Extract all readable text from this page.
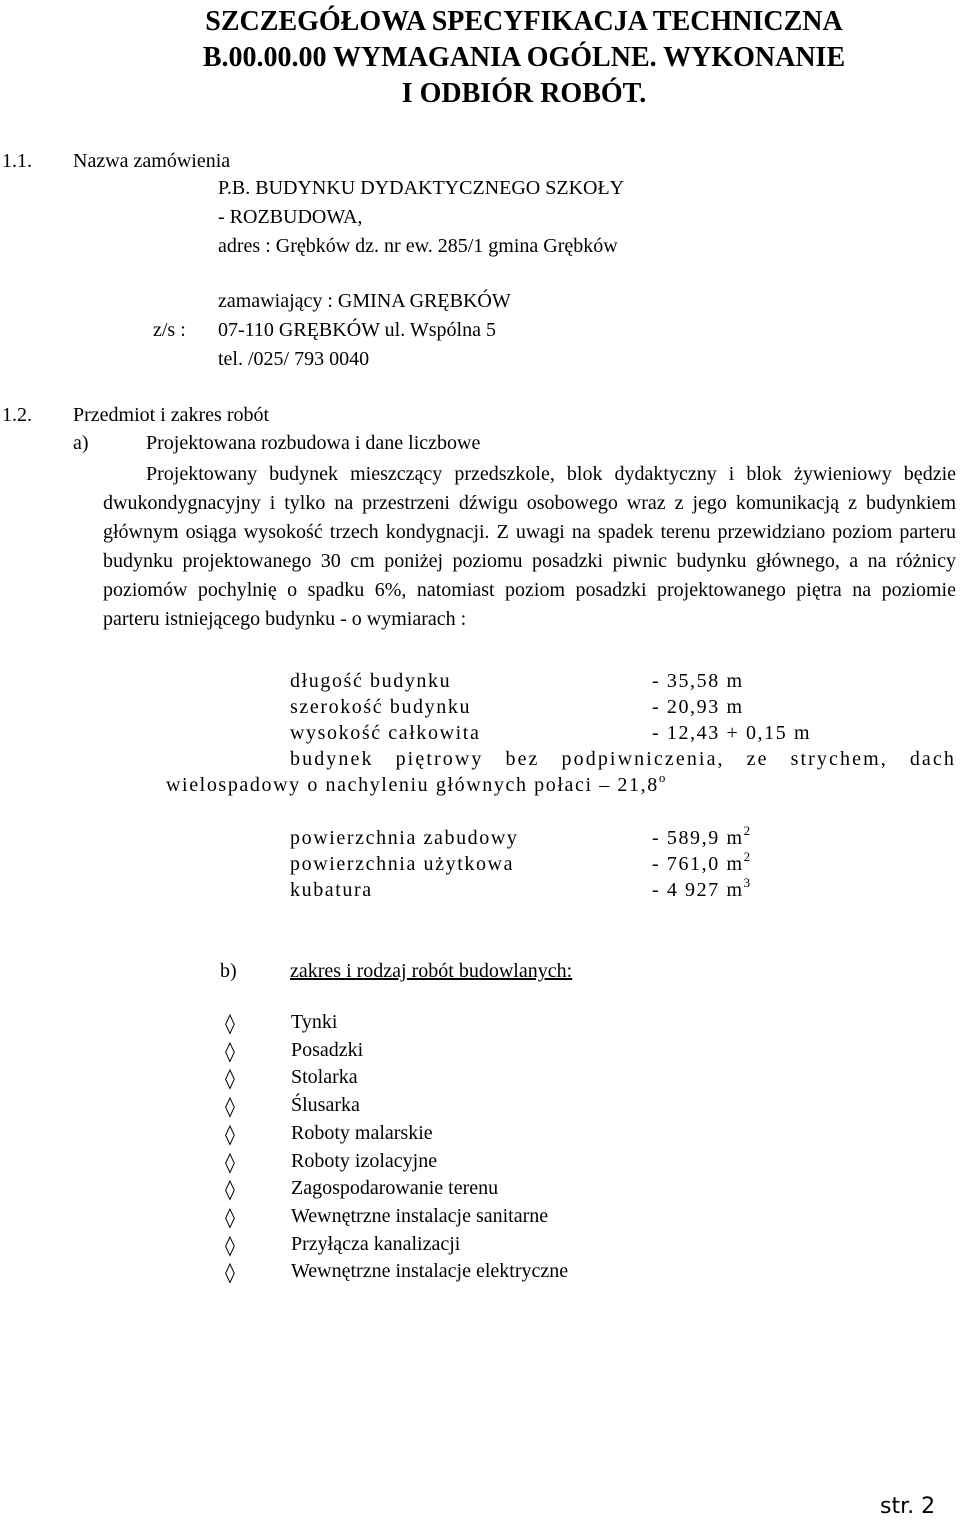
SZCZEGÓŁOWA SPECYFIKACJA TECHNICZNA
B.00.00.00 WYMAGANIA OGÓLNE. WYKONANIE
I ODBIÓR ROBÓT.
1.1. Nazwa zamówienia
P.B. BUDYNKU DYDAKTYCZNEGO SZKOŁY
- ROZBUDOWA,
adres : Grębków dz. nr ew. 285/1 gmina Grębków
zamawiający : GMINA GRĘBKÓW
z/s : 07-110 GRĘBKÓW ul. Wspólna 5
tel. /025/ 793 0040
1.2. Przedmiot i zakres robót
a)	Projektowana rozbudowa i dane liczbowe
Projektowany budynek mieszczący przedszkole, blok dydaktyczny i blok żywieniowy będzie dwukondygnacyjny i tylko na przestrzeni dźwigu osobowego wraz z jego komunikacją z budynkiem głównym osiąga wysokość trzech kondygnacji. Z uwagi na spadek terenu przewidziano poziom parteru budynku projektowanego 30 cm poniżej poziomu posadzki piwnic budynku głównego, a na różnicy poziomów pochylnię o spadku 6%, natomiast poziom posadzki projektowanego piętra na poziomie parteru istniejącego budynku - o wymiarach :
długość budynku	- 35,58 m
szerokość budynku	- 20,93 m
wysokość całkowita	- 12,43 + 0,15 m
budynek piętrowy bez podpiwniczenia, ze strychem, dach
wielospadowy o nachyleniu głównych połaci – 21,8$^o$
powierzchnia zabudowy	- 589,9 $m^2$
powierzchnia użytkowa	- 761,0 $m^2$
kubatura	- 4 927 $m^3$
b)	zakres i rodzaj robót budowlanych:
◊	Tynki
◊	Posadzki
◊	Stolarka
◊	Ślusarka
◊	Roboty malarskie
◊	Roboty izolacyjne
◊	Zagospodarowanie terenu
◊	Wewnętrzne instalacje sanitarne
◊	Przyłącza kanalizacji
◊	Wewnętrzne instalacje elektryczne
str. 2
